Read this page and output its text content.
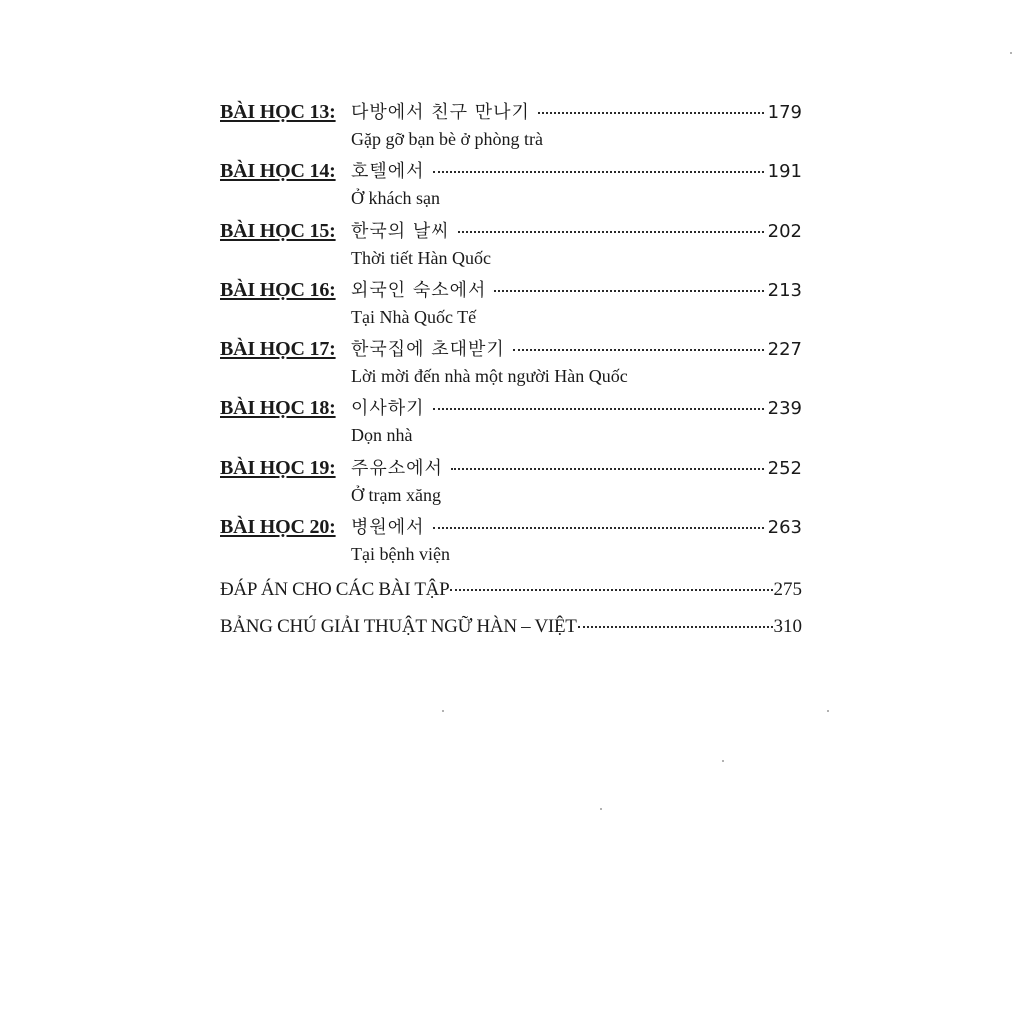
BÀI HỌC 13: 다방에서 친구 만나기	179
Gặp gỡ bạn bè ở phòng trà
BÀI HỌC 14: 호텔에서	191
Ở khách sạn
BÀI HỌC 15: 한국의 날씨	202
Thời tiết Hàn Quốc
BÀI HỌC 16: 외국인 숙소에서	213
Tại Nhà Quốc Tế
BÀI HỌC 17: 한국집에 초대받기	227
Lời mời đến nhà một người Hàn Quốc
BÀI HỌC 18: 이사하기	239
Dọn nhà
BÀI HỌC 19: 주유소에서	252
Ở trạm xăng
BÀI HỌC 20: 병원에서	263
Tại bệnh viện
ĐÁP ÁN CHO CÁC BÀI TẬP	275
BẢNG CHÚ GIẢI THUẬT NGỮ HÀN – VIỆT	310
